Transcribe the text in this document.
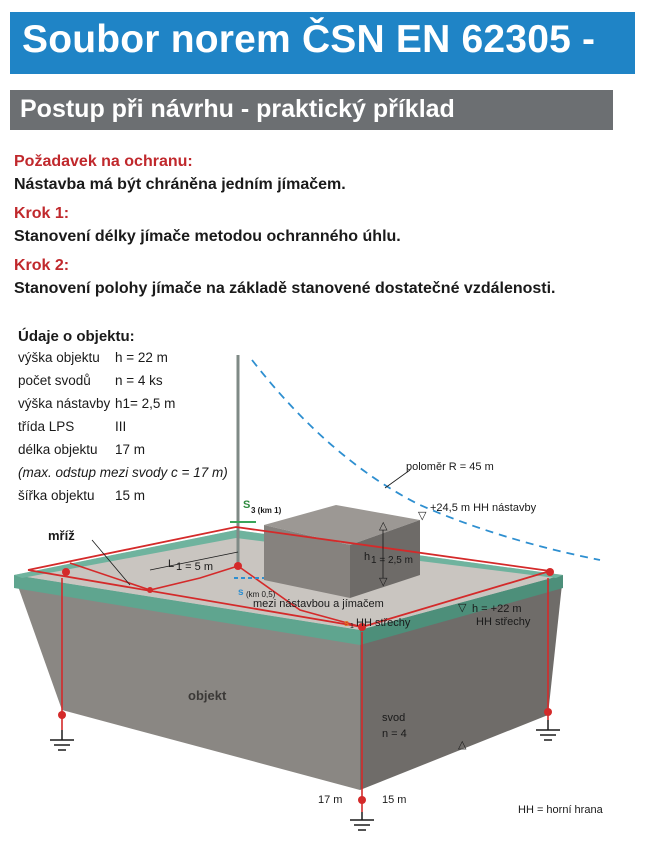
Soubor norem ČSN EN 62305 -
Postup při návrhu - praktický příklad
Požadavek na ochranu:
Nástavba má být chráněna jedním jímačem.
Krok 1:
Stanovení délky jímače metodou ochranného úhlu.
Krok 2:
Stanovení polohy jímače na základě stanovené dostatečné vzdálenosti.
▽
△
▽
▽
△
mříž
poloměr R = 45 m
+24,5 m HH nástavby
S 3 (km 1)
L 1 = 5 m
h 1 = 2,5 m
s (km 0,5)
mezi nástavbou a jímačem
s 1 HH střechy
h = +22 m
HH střechy
objekt
svod
n = 4
17 m	15 m
HH = horní hrana
Údaje o objektu:
výška objektu h = 22 m
počet svodů n = 4 ks
výška nástavby h1= 2,5 m
třída LPS	III
délka objektu 17 m
(max. odstup mezi svody c = 17 m)
šířka objektu 15 m
